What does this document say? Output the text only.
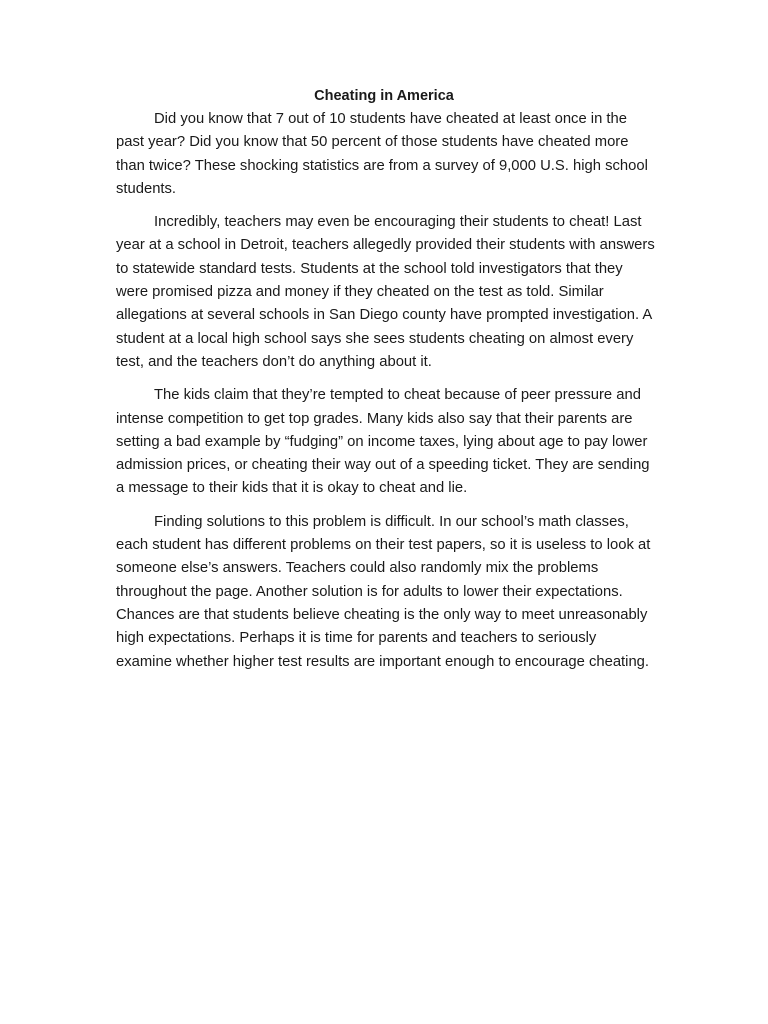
Cheating in America

Did you know that 7 out of 10 students have cheated at least once in the past year? Did you know that 50 percent of those students have cheated more than twice? These shocking statistics are from a survey of 9,000 U.S. high school students.

Incredibly, teachers may even be encouraging their students to cheat! Last year at a school in Detroit, teachers allegedly provided their students with answers to statewide standard tests. Students at the school told investigators that they were promised pizza and money if they cheated on the test as told. Similar allegations at several schools in San Diego county have prompted investigation. A student at a local high school says she sees students cheating on almost every test, and the teachers don’t do anything about it.

The kids claim that they’re tempted to cheat because of peer pressure and intense competition to get top grades. Many kids also say that their parents are setting a bad example by “fudging” on income taxes, lying about age to pay lower admission prices, or cheating their way out of a speeding ticket. They are sending a message to their kids that it is okay to cheat and lie.

Finding solutions to this problem is difficult. In our school’s math classes, each student has different problems on their test papers, so it is useless to look at someone else’s answers. Teachers could also randomly mix the problems throughout the page. Another solution is for adults to lower their expectations. Chances are that students believe cheating is the only way to meet unreasonably high expectations. Perhaps it is time for parents and teachers to seriously examine whether higher test results are important enough to encourage cheating.
